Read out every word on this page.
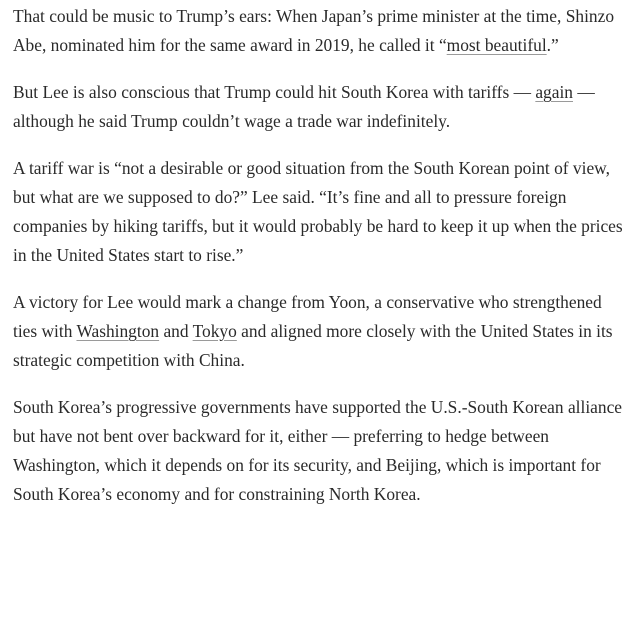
That could be music to Trump’s ears: When Japan’s prime minister at the time, Shinzo Abe, nominated him for the same award in 2019, he called it “most beautiful.”

But Lee is also conscious that Trump could hit South Korea with tariffs — again — although he said Trump couldn’t wage a trade war indefinitely.

A tariff war is “not a desirable or good situation from the South Korean point of view, but what are we supposed to do?” Lee said. “It’s fine and all to pressure foreign companies by hiking tariffs, but it would probably be hard to keep it up when the prices in the United States start to rise.”

A victory for Lee would mark a change from Yoon, a conservative who strengthened ties with Washington and Tokyo and aligned more closely with the United States in its strategic competition with China.

South Korea’s progressive governments have supported the U.S.-South Korean alliance but have not bent over backward for it, either — preferring to hedge between Washington, which it depends on for its security, and Beijing, which is important for South Korea’s economy and for constraining North Korea.
